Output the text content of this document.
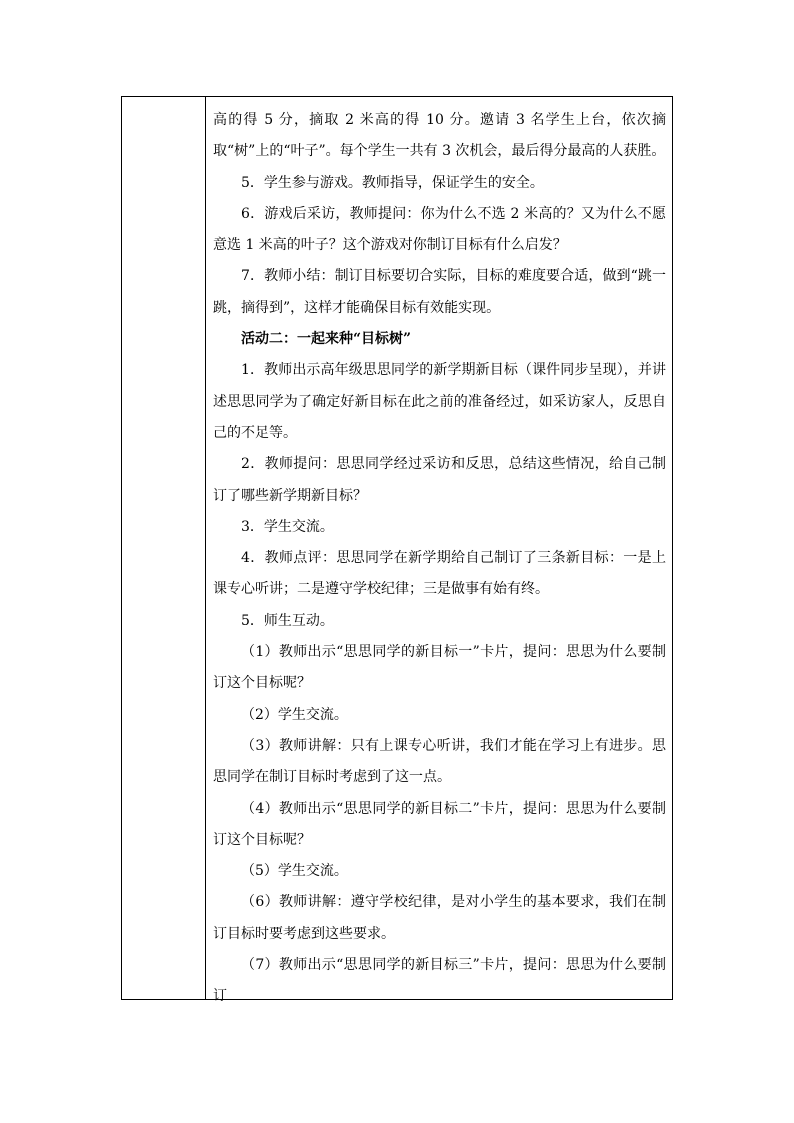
高的得 5 分，摘取 2 米高的得 10 分。邀请 3 名学生上台，依次摘取“树”上的“叶子”。每个学生一共有 3 次机会，最后得分最高的人获胜。

5．学生参与游戏。教师指导，保证学生的安全。

6．游戏后采访，教师提问：你为什么不选 2 米高的？又为什么不愿意选 1 米高的叶子？这个游戏对你制订目标有什么启发？

7．教师小结：制订目标要切合实际，目标的难度要合适，做到“跳一跳，摘得到”，这样才能确保目标有效能实现。

活动二：一起来种“目标树”

1．教师出示高年级思思同学的新学期新目标（课件同步呈现），并讲述思思同学为了确定好新目标在此之前的准备经过，如采访家人，反思自己的不足等。

2．教师提问：思思同学经过采访和反思，总结这些情况，给自己制订了哪些新学期新目标？

3．学生交流。

4．教师点评：思思同学在新学期给自己制订了三条新目标：一是上课专心听讲；二是遵守学校纪律；三是做事有始有终。

5．师生互动。

（1）教师出示“思思同学的新目标一”卡片，提问：思思为什么要制订这个目标呢？

（2）学生交流。

（3）教师讲解：只有上课专心听讲，我们才能在学习上有进步。思思同学在制订目标时考虑到了这一点。

（4）教师出示“思思同学的新目标二”卡片，提问：思思为什么要制订这个目标呢？

（5）学生交流。

（6）教师讲解：遵守学校纪律，是对小学生的基本要求，我们在制订目标时要考虑到这些要求。

（7）教师出示“思思同学的新目标三”卡片，提问：思思为什么要制订
